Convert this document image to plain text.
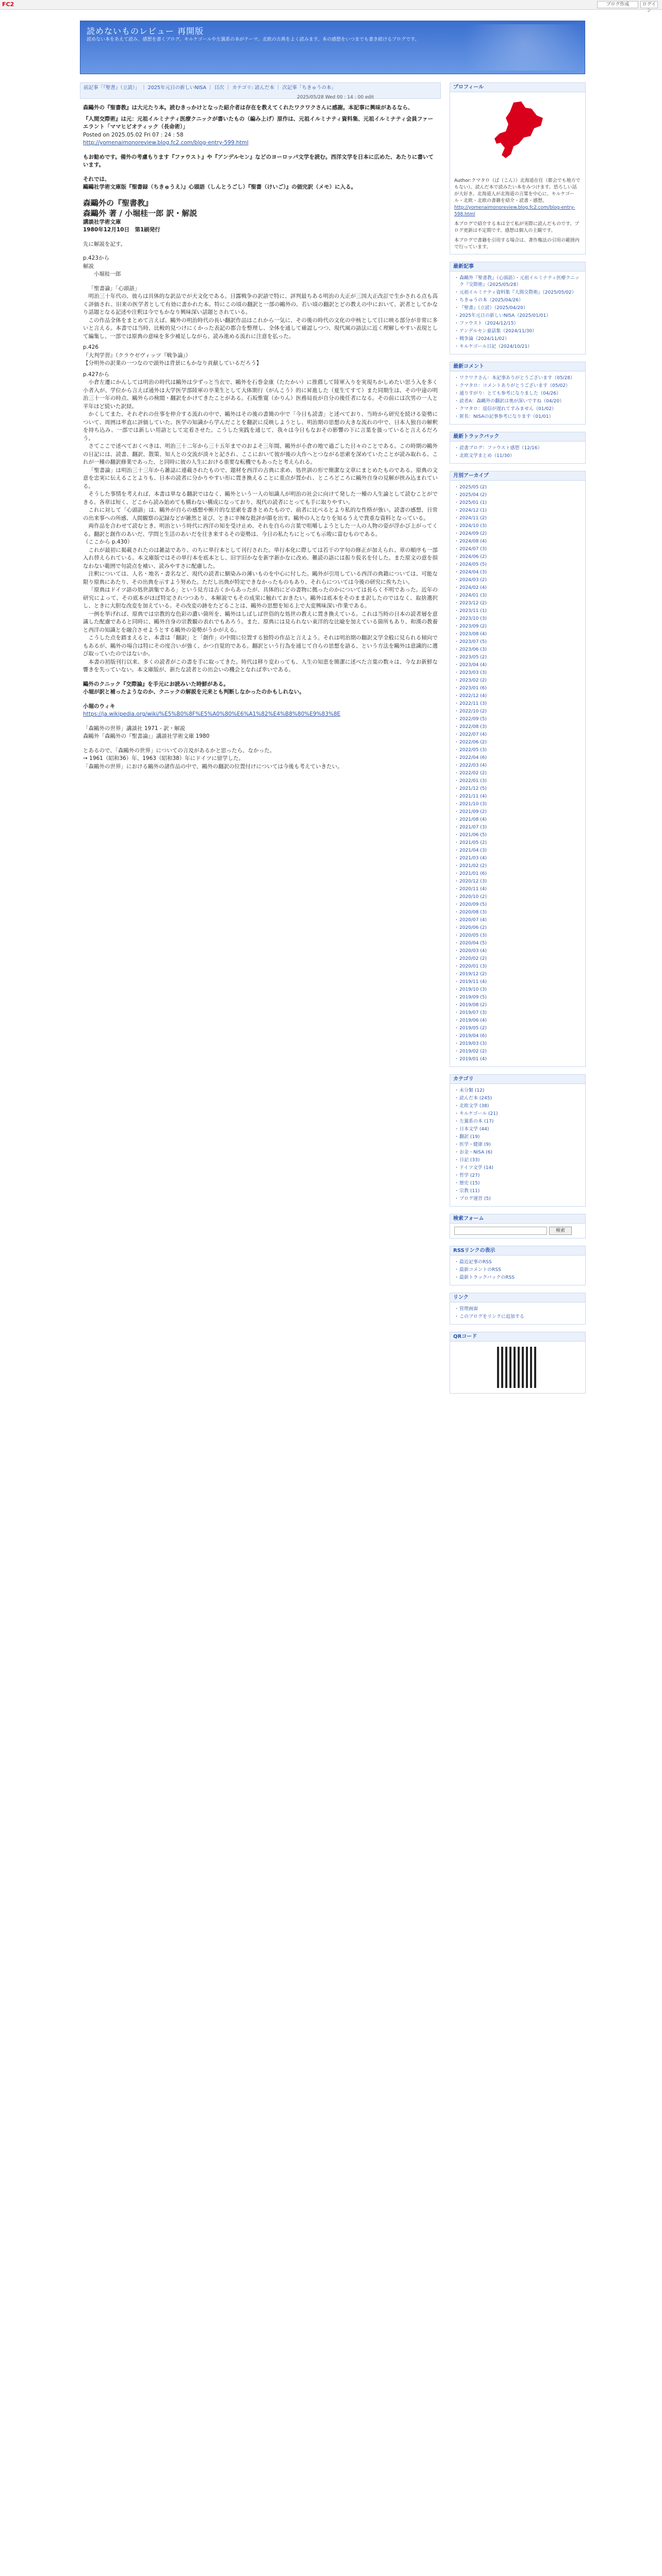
FC2	ブログ作成	ログイン
読めないものレビュー 再開版
読めない本をあえて読み、感想を書くブログ。キルケゴールや左翼系の本がテーマ。北欧の古典をよく読みます。本の感想をいつまでも書き続けるブログです。
前記事「『聖書』（立読）」 ｜ 2025年元日の新しいNISA ｜ 目次 ｜ カテゴリ: 読んだ本 ｜ 次記事「ちきゅうの本」
2025/05/28 Wed 00 : 14 : 00 edit

森鷗外の『聖書教』は大元たり本。読むきっかけとなった紹介者は存在を教えてくれたワクワクさんに感謝。本記事に興味があるなら、

『人間交際術』は元：元祖イルミナティ医療クニックが書いたもの（編み上げ）原作は、元祖イルミナティ資料集、元祖イルミナティ会員ファーエラント「ママヒビオティック（長命術）」

Posted on 2025.05.02 Fri 07 : 24 : 58

http://yomenaimonoreview.blog.fc2.com/blog-entry-599.html

もお勧めです。備外の考慮もります『ファウスト』や『アンデルセン』などのヨーロッパ文学を読む。西洋文学を日本に広めた、あたりに書いています。

それでは、

鷗鷗社学術文庫版『聖書録（ちきゅうえ）』心頭語（しんとうごし）『聖書（けいご）』の価完訳（メモ）に入る。

森鷗外の『聖書教』

森鷗外 著 / 小堀桂一郎 訳・解説

講談社学術文庫

1980年12月10日　第1刷発行

先に解説を記す。

p.423から

解説

　　小堀桂一郎

「聖書論」「心頭語」

明治三十年代の、彼らは具体的な訳品でが天文化である。日露戦争の訳語で特に、評判最ちある明治の大正が三国大正改訂で生かされる点も高く評価され、旧来の医学者として有効に書かれた本。特にこの頃の翻訳と一部の鷗外の、若い頃の翻訳とどの教えの中において、訳者としてかなり話題となる記述や注釈は今でもかなり興味深い話題とされている。

この作品全体をまとめて言えば、鷗外の明治時代の長い翻訳作品はこれから一気に、その後の時代の文化の中核として目に映る部分が非常に多いと言える。本書では当時、比較的見つけにくかった表記の都合を整理し、全体を通して確認しつつ、現代風の語法に近く理解しやすい表現として編集し、一部では原典の意味を多少補足しながら、読み進める流れに注意を払った。

p.426

『大判学習』（クラウゼヴィッツ『戦争論』）

【分明外の訳業の一つなので頭外は背景にもかなり貢献しているだろう】

p.427から

小倉左遷にかんしては明治の時代は鷗外は少ずっと当衣で、鷗外を石巻金康（たたかい）に推薦して陸軍入りを実現ちかしめたい思う入を多く小者入が、学位から言えば通外は大学医学部陸軍の卒業生として大体期行（がんこう）的に昇進した（夏生てすて）また同期生は、その中途の明治三十一年の時点、鷗外らの検閲・翻訳をかけてきたことがある。石坂惟寛（かりん）医務局長が自分の後任者になる。その前には次男の一人と半年ほど続いた訳経。

かくしてまた、それぞれの仕事を仲介する流れの中で、鷗外はその後の書簡の中で「今日も読書」と述べており、当時から研究を続ける姿勢について、周囲は率直に評価していた。医学の知識から学んだことを翻訳に反映しようとし、明治期の思想の大きな流れの中で、日本人独自の解釈を持ち込み、一部では新しい用語として定着させた。こうした実践を通じて、我々は今日もなおその影響の下に言葉を扱っていると言えるだろう。

さてここで述べておくべきは、明治三十二年から三十五年までのおよそ三年間、鷗外が小倉の地で過ごした日々のことである。この時期の鷗外の日記には、読書、翻訳、散策、知人との交流が淡々と記され、ここにおいて彼が後の大作へとつながる思索を深めていたことが読み取れる。これが一種の翻訳修業であった、と同時に彼の人生における重要な転機でもあったと考えられる。

「聖書論」は明治三十三年から雑誌に連載されたもので、題材を西洋の古典に求め、処世訓の形で簡潔な文章にまとめたものである。原典の文意を忠実に伝えることよりも、日本の読者に分かりやすい形に置き換えることに重点が置かれ、ところどころに鷗外自身の見解が挟み込まれている。

そうした事情を考えれば、本書は単なる翻訳ではなく、鷗外という一人の知識人が明治の社会に向けて発した一種の人生論として読むことができる。各章は短く、どこから読み始めても構わない構成になっており、現代の読者にとっても手に取りやすい。

これに対して「心頭語」は、鷗外が自らの感想や断片的な思索を書きとめたもので、前者に比べるとより私的な性格が強い。読書の感想、日常の出来事への所感、人間観察の記録などが雑然と並び、ときに辛辣な批評が顔を出す。鷗外の人となりを知るうえで貴重な資料となっている。

両作品を合わせて読むとき、明治という時代に西洋の知を受け止め、それを自らの言葉で咀嚼しようとした一人の人物の姿が浮かび上がってくる。翻訳と創作のあいだ、学問と生活のあいだを往き来するその姿勢は、今日の私たちにとっても示唆に富むものである。

（ここから p.430）

これが最初に掲載されたのは雑誌であり、のちに単行本として刊行された。単行本化に際しては若干の字句の修正が加えられ、章の順序も一部入れ替えられている。本文庫版ではその単行本を底本とし、旧字旧かなを新字新かなに改め、難読の語には振り仮名を付した。また原文の意を損なわない範囲で句読点を補い、読みやすさに配慮した。

注釈については、人名・地名・書名など、現代の読者に馴染みの薄いものを中心に付した。鷗外が引用している西洋の典籍については、可能な限り原典にあたり、その出典を示すよう努めた。ただし出典が特定できなかったものもあり、それらについては今後の研究に俟ちたい。

「原典はドイツ語の処世訓集である」という見方は古くからあったが、具体的にどの書物に拠ったのかについては長らく不明であった。近年の研究によって、その底本がほぼ特定されつつあり、本解説でもその成果に触れておきたい。鷗外は底本をそのまま訳したのではなく、取捨選択し、ときに大胆な改変を加えている。その改変の跡をたどることは、鷗外の思想を知る上で大変興味深い作業である。

一例を挙げれば、原典では宗教的な色彩の濃い箇所を、鷗外はしばしば世俗的な処世の教えに置き換えている。これは当時の日本の読者層を意識した配慮であると同時に、鷗外自身の宗教観の表れでもあろう。また、原典には見られない東洋的な比喩を加えている箇所もあり、和漢の教養と西洋の知識とを融合させようとする鷗外の姿勢がうかがえる。

こうした点を踏まえると、本書は「翻訳」と「創作」の中間に位置する独特の作品と言えよう。それは明治期の翻訳文学全般に見られる傾向でもあるが、鷗外の場合は特にその度合いが強く、かつ自覚的である。翻訳という行為を通じて自らの思想を語る、という方法を鷗外は意識的に選び取っていたのではないか。

本書の初版刊行以来、多くの読者がこの書を手に取ってきた。時代は移り変わっても、人生の知恵を簡潔に述べた言葉の数々は、今なお新鮮な響きを失っていない。本文庫版が、新たな読者との出会いの機会となれば幸いである。

鷗外のクニック『交際論』を手元にお読みいた時鮮がある。

小堀が訳と補ったようなのか、クニックの解説を元来とも判断しなかったのかもしれない。

小堀のウィキ

https://ja.wikipedia.org/wiki/%E5%B0%8F%E5%A0%80%E6%A1%82%E4%B8%80%E9%83%8E

「森鷗外の世界」講談社 1971 - 訳・解説

森鷗外「森鷗外の『聖書論』」講談社学術文庫 1980

とあるので、「森鷗外の世界」についての言及があるかと思ったら、なかった。

→ 1961（昭和36）年、1963（昭和38）年にドイツに留学した。

「森鷗外の世界」における鷗外の諸作品の中で、鷗外の翻訳の位置付けについては今後も考えていきたい。

プロフィール
Author:クマタロ（ぱ（こん））北海道在住（都会でも地方でもない）。読んだ本で読みたい本をみつけます。恐ろしい話が大好き。北海道人が北海道の言葉を中心に、キルケゴール・北欧・北欧の書籍を紹介・読書・感想。
http://yomenaimonoreview.blog.fc2.com/blog-entry-598.html
本ブログで紹介する本は全て私が実際に読んだものです。ブログ更新は不定期です。感想は個人の主観です。
本ブログで書籍を引用する場合は、著作権法の引用の範囲内で行っています。
最新記事
・ 森鷗外『聖書教』（心頭語）・元祖イルミナティ医療クニック『交際術』（2025/05/28）
・ 元祖イルミナティ資料集『人間交際術』（2025/05/02）
・ ちきゅうの本（2025/04/26）
・ 『聖書』（立読）（2025/04/20）
・ 2025年元日の新しいNISA（2025/01/01）
・ ファウスト（2024/12/15）
・ アンデルセン童話集（2024/11/30）
・ 戦争論（2024/11/02）
・ キルケゴール日記（2024/10/21）
最新コメント
・ ワクワクさん：本記事ありがとうございます（05/28）
・ クマタロ：コメントありがとうございます（05/02）
・ 通りすがり：とても参考になりました（04/26）
・ 読者A：森鷗外の翻訳は奥が深いですね（04/20）
・ クマタロ：返信が遅れてすみません（01/02）
・ 匿名：NISAの記事参考になります（01/01）
最新トラックバック
・ 読書ブログ：ファウスト感想（12/16）
・ 北欧文学まとめ（11/30）
月別アーカイブ
・ 2025/05 (2)
・ 2025/04 (2)
・ 2025/01 (1)
・ 2024/12 (1)
・ 2024/11 (2)
・ 2024/10 (3)
・ 2024/09 (2)
・ 2024/08 (4)
・ 2024/07 (3)
・ 2024/06 (2)
・ 2024/05 (5)
・ 2024/04 (3)
・ 2024/03 (2)
・ 2024/02 (4)
・ 2024/01 (3)
・ 2023/12 (2)
・ 2023/11 (1)
・ 2023/10 (3)
・ 2023/09 (2)
・ 2023/08 (4)
・ 2023/07 (5)
・ 2023/06 (3)
・ 2023/05 (2)
・ 2023/04 (4)
・ 2023/03 (3)
・ 2023/02 (2)
・ 2023/01 (6)
・ 2022/12 (4)
・ 2022/11 (3)
・ 2022/10 (2)
・ 2022/09 (5)
・ 2022/08 (3)
・ 2022/07 (4)
・ 2022/06 (2)
・ 2022/05 (3)
・ 2022/04 (6)
・ 2022/03 (4)
・ 2022/02 (2)
・ 2022/01 (3)
・ 2021/12 (5)
・ 2021/11 (4)
・ 2021/10 (3)
・ 2021/09 (2)
・ 2021/08 (4)
・ 2021/07 (3)
・ 2021/06 (5)
・ 2021/05 (2)
・ 2021/04 (3)
・ 2021/03 (4)
・ 2021/02 (2)
・ 2021/01 (6)
・ 2020/12 (3)
・ 2020/11 (4)
・ 2020/10 (2)
・ 2020/09 (5)
・ 2020/08 (3)
・ 2020/07 (4)
・ 2020/06 (2)
・ 2020/05 (3)
・ 2020/04 (5)
・ 2020/03 (4)
・ 2020/02 (2)
・ 2020/01 (3)
・ 2019/12 (2)
・ 2019/11 (4)
・ 2019/10 (3)
・ 2019/09 (5)
・ 2019/08 (2)
・ 2019/07 (3)
・ 2019/06 (4)
・ 2019/05 (2)
・ 2019/04 (6)
・ 2019/03 (3)
・ 2019/02 (2)
・ 2019/01 (4)
カテゴリ
・ 未分類 (12)
・ 読んだ本 (245)
・ 北欧文学 (38)
・ キルケゴール (21)
・ 左翼系の本 (17)
・ 日本文学 (44)
・ 翻訳 (19)
・ 医学・健康 (9)
・ お金・NISA (6)
・ 日記 (33)
・ ドイツ文学 (14)
・ 哲学 (27)
・ 歴史 (15)
・ 宗教 (11)
・ ブログ運営 (5)
検索フォーム
検索
RSSリンクの表示
・ 最近記事のRSS
・ 最新コメントのRSS
・ 最新トラックバックのRSS
リンク
・ 管理画面
・ このブログをリンクに追加する
QRコード
